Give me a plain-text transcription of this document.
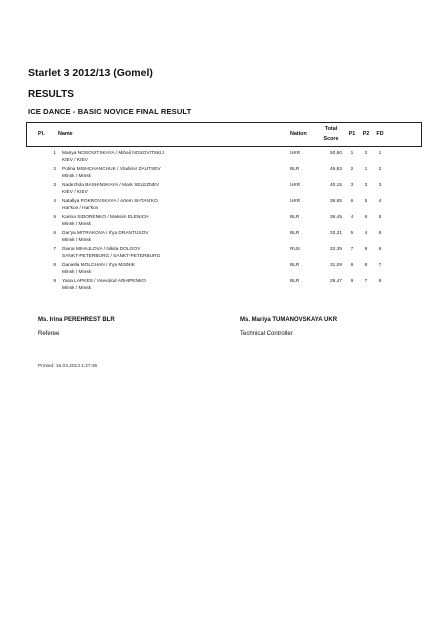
Starlet 3 2012/13 (Gomel)
RESULTS
ICE DANCE - BASIC NOVICE FINAL RESULT
Pl. Name	Nation
Total
Score
P1	P2	FD
1 Mariya NOSOVITSKAYA / Mihail NOSOVITSKIJ
KIEV / KIEV
UKR	50,60	1	2	1
2 Polina MISHCHANCHUK / Vladimir ZAUTSEV
Minsk / Minsk
BLR	46,63	2	1	2
3 Nadezhda BASHINSKAYA / Mark SELEZNEV
KIEV / KIEV
UKR	40,15	3	3	3
4 Natallya POKROVSKAYA / Artem SHTAN'KO
Har'kov / Har'kov
UKR	36,85	6	5	4
5 Karina SIDORENKO / Maksim ELENICH
Minsk / Minsk
BLR	36,45	4	6	5
6 Dar'ya MITRAKOVA / Il'ya DRANTUSOV
Minsk / Minsk
BLR	33,31	5	4	8
7 Diana MIHAJLOVA / Nikita DOLGOV
SANKT-PETERBURG / SANKT-PETERBURG
RUS	32,35	7	9	6
8 Daniella MOLCHAN / Il'ya MISNIK
Minsk / Minsk
BLR	31,09	8	8	7
9 Yana LAPKES / Vsevolod ARHIPENKO
Minsk / Minsk
BLR	29,47	9	7	9
Ms. Irina PEREHREST BLR
Referee
Ms. Mariya TUMANOVSKAYA UKR
Technical Controller
Printed: 16.03.2013 1:27:36
